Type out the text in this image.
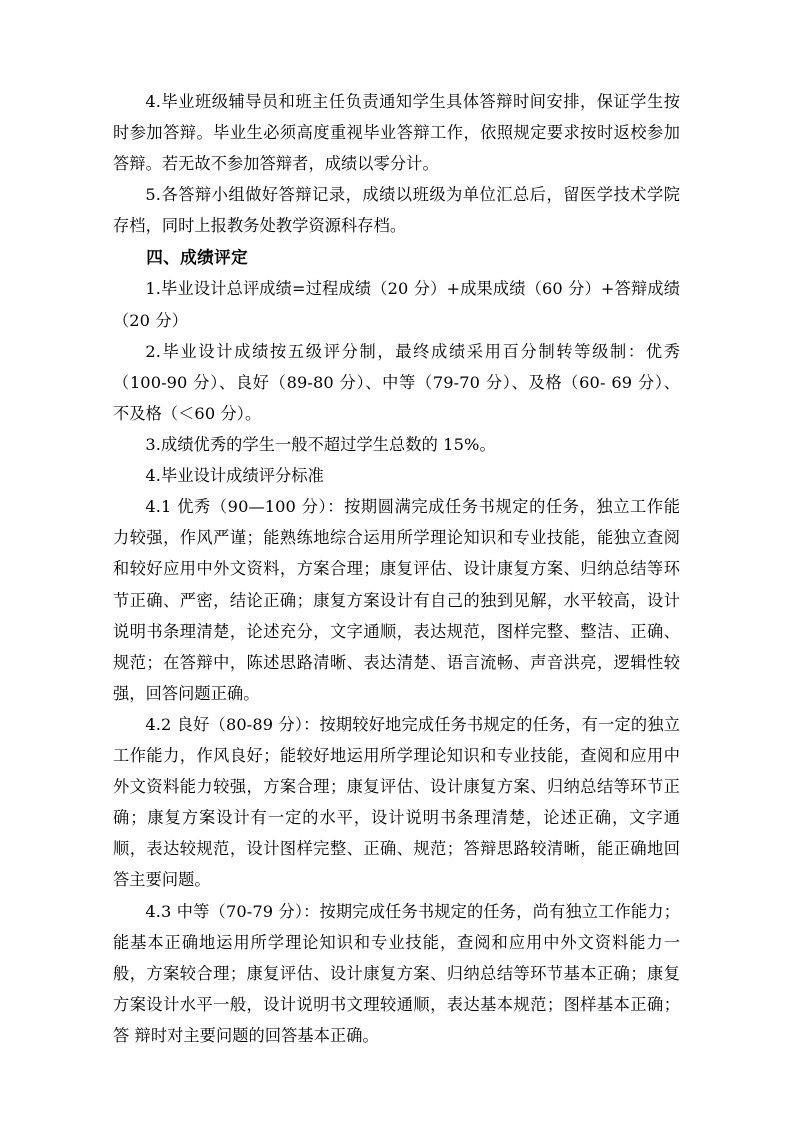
4.毕业班级辅导员和班主任负责通知学生具体答辩时间安排，保证学生按时参加答辩。毕业生必须高度重视毕业答辩工作，依照规定要求按时返校参加答辩。若无故不参加答辩者，成绩以零分计。

5.各答辩小组做好答辩记录，成绩以班级为单位汇总后，留医学技术学院存档，同时上报教务处教学资源科存档。

四、成绩评定

1.毕业设计总评成绩=过程成绩（20 分）+成果成绩（60 分）+答辩成绩（20 分）

2.毕业设计成绩按五级评分制，最终成绩采用百分制转等级制：优秀（100-90 分）、良好（89-80 分）、中等（79-70 分）、及格（60- 69 分）、不及格（＜60 分）。

3.成绩优秀的学生一般不超过学生总数的 15%。

4.毕业设计成绩评分标准

4.1 优秀（90—100 分）：按期圆满完成任务书规定的任务，独立工作能力较强，作风严谨；能熟练地综合运用所学理论知识和专业技能，能独立查阅和较好应用中外文资料，方案合理；康复评估、设计康复方案、归纳总结等环节正确、严密，结论正确；康复方案设计有自己的独到见解，水平较高，设计说明书条理清楚，论述充分，文字通顺，表达规范，图样完整、整洁、正确、规范；在答辩中，陈述思路清晰、表达清楚、语言流畅、声音洪亮，逻辑性较强，回答问题正确。

4.2 良好（80-89 分）：按期较好地完成任务书规定的任务，有一定的独立工作能力，作风良好；能较好地运用所学理论知识和专业技能，查阅和应用中外文资料能力较强，方案合理；康复评估、设计康复方案、归纳总结等环节正确；康复方案设计有一定的水平，设计说明书条理清楚，论述正确，文字通顺，表达较规范，设计图样完整、正确、规范；答辩思路较清晰，能正确地回答主要问题。

4.3 中等（70-79 分）：按期完成任务书规定的任务，尚有独立工作能力；能基本正确地运用所学理论知识和专业技能，查阅和应用中外文资料能力一般，方案较合理；康复评估、设计康复方案、归纳总结等环节基本正确；康复方案设计水平一般，设计说明书文理较通顺，表达基本规范；图样基本正确；答 辩时对主要问题的回答基本正确。
